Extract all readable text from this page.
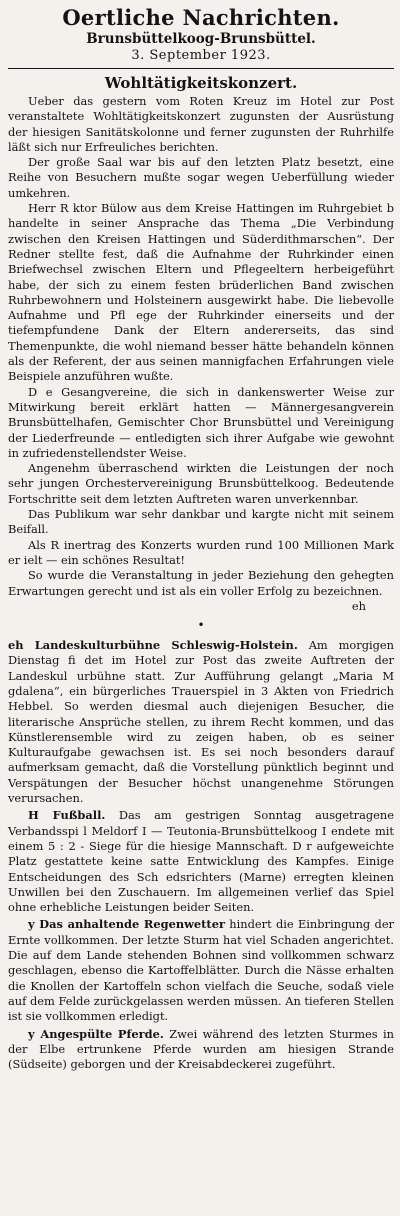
Oertliche Nachrichten.
Brunsbüttelkoog-Brunsbüttel.
3. September 1923.
Wohltätigkeitskonzert.

Ueber das gestern vom Roten Kreuz im Hotel zur Post veranstaltete Wohltätigkeitskonzert zugunsten der Ausrüstung der hiesigen Sanitätskolonne und ferner zugunsten der Ruhrhilfe läßt sich nur Erfreuliches berichten.

Der große Saal war bis auf den letzten Platz besetzt, eine Reihe von Besuchern mußte sogar wegen Ueberfüllung wieder umkehren.

Herr R ktor Bülow aus dem Kreise Hattingen im Ruhrgebiet b handelte in seiner Ansprache das Thema „Die Verbindung zwischen den Kreisen Hattingen und Süderdithmarschen“. Der Redner stellte fest, daß die Aufnahme der Ruhrkinder einen Briefwechsel zwischen Eltern und Pflegeeltern herbeigeführt habe, der sich zu einem festen brüderlichen Band zwischen Ruhrbewohnern und Holsteinern ausgewirkt habe. Die liebevolle Aufnahme und Pfl ege der Ruhrkinder einerseits und der tiefempfundene Dank der Eltern andererseits, das sind Themenpunkte, die wohl niemand besser hätte behandeln können als der Referent, der aus seinen mannigfachen Erfahrungen viele Beispiele anzuführen wußte.

D e Gesangvereine, die sich in dankenswerter Weise zur Mitwirkung bereit erklärt hatten — Männergesangverein Brunsbüttelhafen, Gemischter Chor Brunsbüttel und Vereinigung der Liederfreunde — entledigten sich ihrer Aufgabe wie gewohnt in zufriedenstellendster Weise.

Angenehm überraschend wirkten die Leistungen der noch sehr jungen Orchestervereinigung Brunsbüttelkoog. Bedeutende Fortschritte seit dem letzten Auftreten waren unverkennbar.

Das Publikum war sehr dankbar und kargte nicht mit seinem Beifall.

Als R inertrag des Konzerts wurden rund 100 Millionen Mark er ielt — ein schönes Resultat!

So wurde die Veranstaltung in jeder Beziehung den gehegten Erwartungen gerecht und ist als ein voller Erfolg zu bezeichnen.

eh
•

eh Landeskulturbühne Schleswig-Holstein. Am morgigen Dienstag fi det im Hotel zur Post das zweite Auftreten der Landeskul urbühne statt. Zur Aufführung gelangt „Maria M gdalena“, ein bürgerliches Trauerspiel in 3 Akten von Friedrich Hebbel. So werden diesmal auch diejenigen Besucher, die literarische Ansprüche stellen, zu ihrem Recht kommen, und das Künstlerensemble wird zu zeigen haben, ob es seiner Kulturaufgabe gewachsen ist. Es sei noch besonders darauf aufmerksam gemacht, daß die Vorstellung pünktlich beginnt und Verspätungen der Besucher höchst unangenehme Störungen verursachen.

H Fußball. Das am gestrigen Sonntag ausgetragene Verbandsspi l Meldorf I — Teutonia-Brunsbüttelkoog I endete mit einem 5 : 2 - Siege für die hiesige Mannschaft. D r aufgeweichte Platz gestattete keine satte Entwicklung des Kampfes. Einige Entscheidungen des Sch edsrichters (Marne) erregten kleinen Unwillen bei den Zuschauern. Im allgemeinen verlief das Spiel ohne erhebliche Leistungen beider Seiten.

y Das anhaltende Regenwetter hindert die Einbringung der Ernte vollkommen. Der letzte Sturm hat viel Schaden angerichtet. Die auf dem Lande stehenden Bohnen sind vollkommen schwarz geschlagen, ebenso die Kartoffelblätter. Durch die Nässe erhalten die Knollen der Kartoffeln schon vielfach die Seuche, sodaß viele auf dem Felde zurückgelassen werden müssen. An tieferen Stellen ist sie vollkommen erledigt.

y Angespülte Pferde. Zwei während des letzten Sturmes in der Elbe ertrunkene Pferde wurden am hiesigen Strande (Südseite) geborgen und der Kreisabdeckerei zugeführt.
